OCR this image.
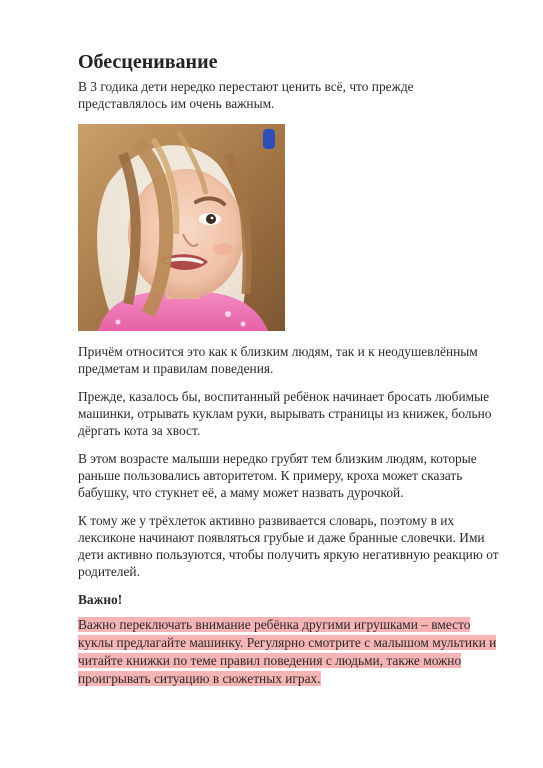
Обесценивание

В 3 годика дети нередко перестают ценить всё, что прежде представлялось им очень важным.

Причём относится это как к близким людям, так и к неодушевлённым предметам и правилам поведения.

Прежде, казалось бы, воспитанный ребёнок начинает бросать любимые машинки, отрывать куклам руки, вырывать страницы из книжек, больно дёргать кота за хвост.

В этом возрасте малыши нередко грубят тем близким людям, которые раньше пользовались авторитетом. К примеру, кроха может сказать бабушку, что стукнет её, а маму может назвать дурочкой.

К тому же у трёхлеток активно развивается словарь, поэтому в их лексиконе начинают появляться грубые и даже бранные словечки. Ими дети активно пользуются, чтобы получить яркую негативную реакцию от родителей.

Важно!

Важно переключать внимание ребёнка другими игрушками – вместо куклы предлагайте машинку. Регулярно смотрите с малышом мультики и читайте книжки по теме правил поведения с людьми, также можно проигрывать ситуацию в сюжетных играх.
